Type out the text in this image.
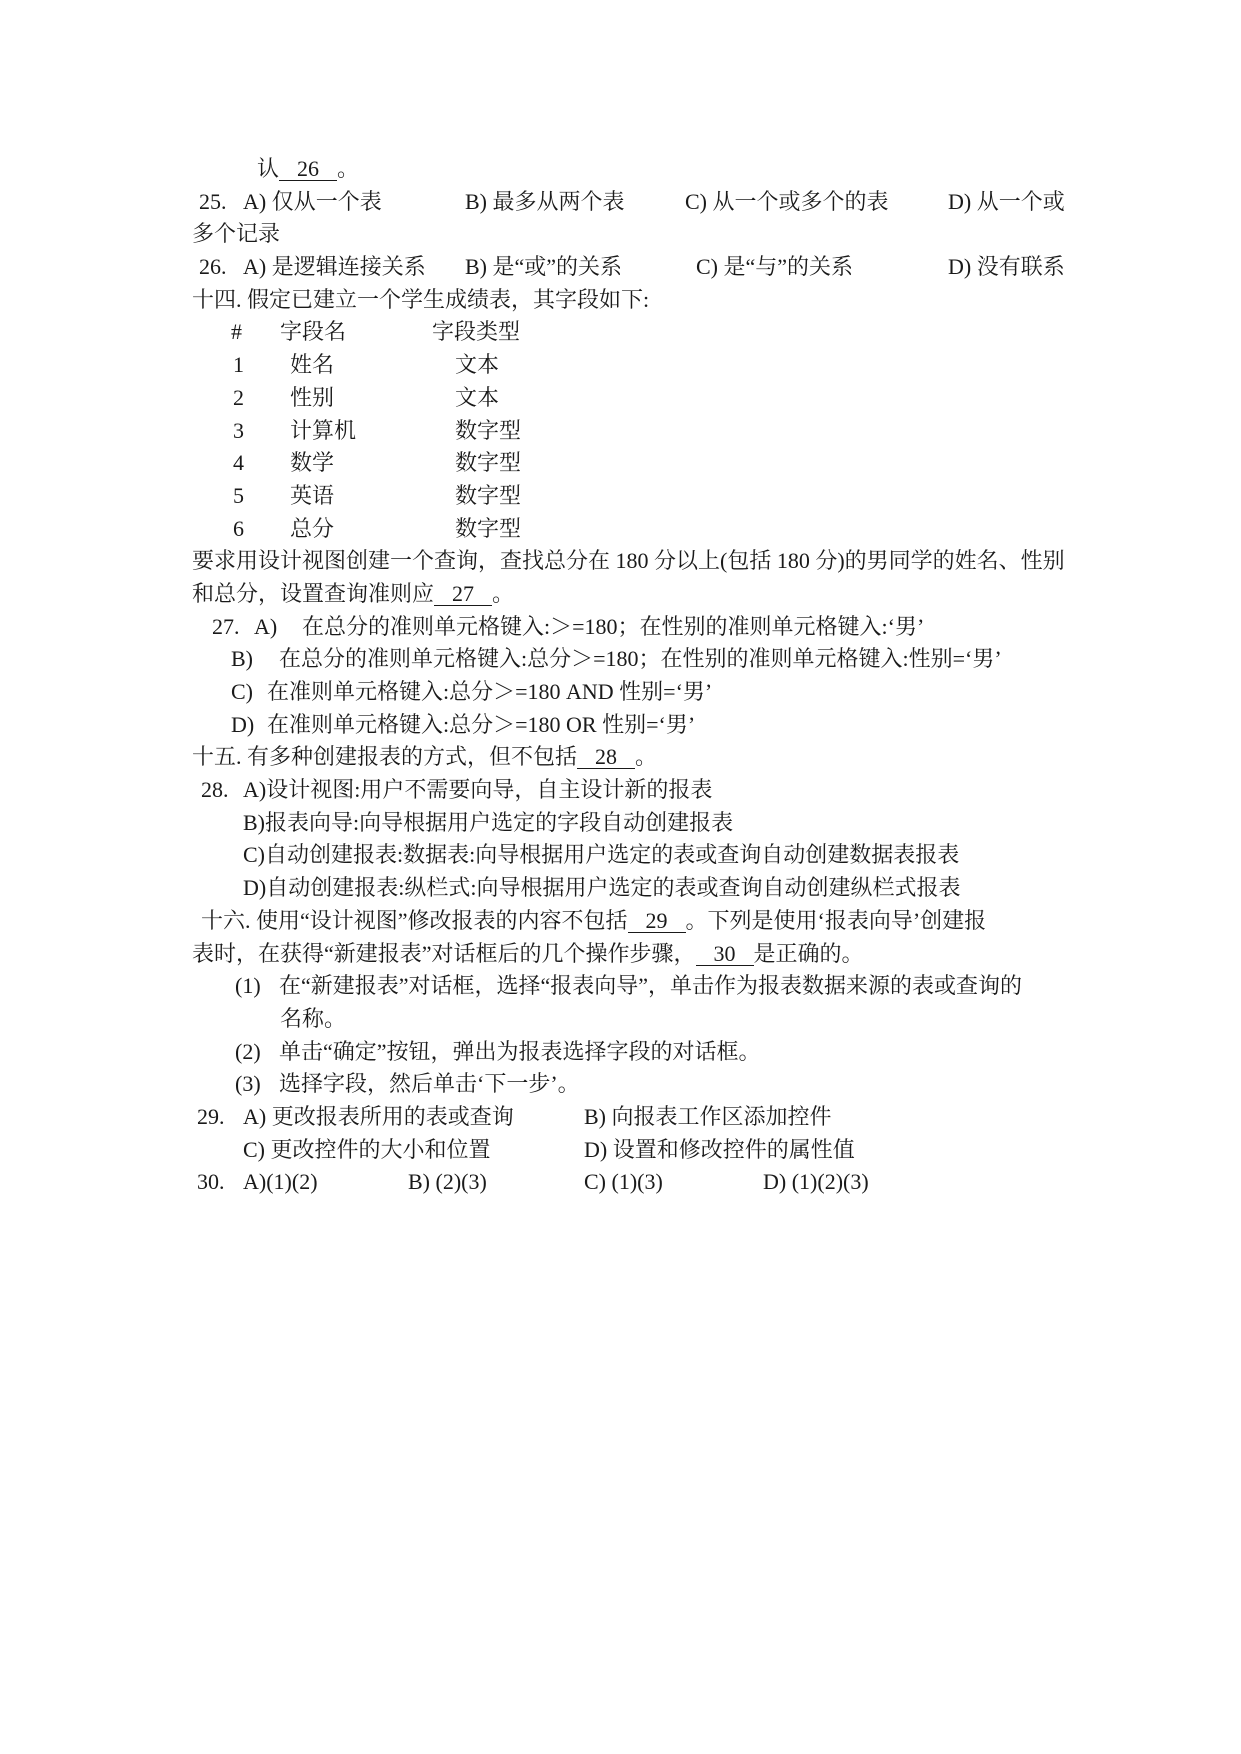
认 26 。
25. A) 仅从一个表	B) 最多从两个表	C) 从一个或多个的表	D) 从一个或
多个记录
26. A) 是逻辑连接关系 B) 是“或”的关系	C) 是“与”的关系	D) 没有联系
十四. 假定已建立一个学生成绩表，其字段如下:
# 字段名	字段类型
1 姓名	文本
2 性别	文本
3 计算机	数字型
4 数学	数字型
5 英语	数字型
6 总分	数字型
要求用设计视图创建一个查询，查找总分在 180 分以上(包括 180 分)的男同学的姓名、性别
和总分，设置查询准则应 27 。
27. A) 在总分的准则单元格键入:＞=180；在性别的准则单元格键入:‘男’
B) 在总分的准则单元格键入:总分＞=180；在性别的准则单元格键入:性别=‘男’
C) 在准则单元格键入:总分＞=180 AND 性别=‘男’
D) 在准则单元格键入:总分＞=180 OR 性别=‘男’
十五. 有多种创建报表的方式，但不包括 28 。
28. A)设计视图:用户不需要向导，自主设计新的报表
B)报表向导:向导根据用户选定的字段自动创建报表
C)自动创建报表:数据表:向导根据用户选定的表或查询自动创建数据表报表
D)自动创建报表:纵栏式:向导根据用户选定的表或查询自动创建纵栏式报表
十六. 使用“设计视图”修改报表的内容不包括 29 。下列是使用‘报表向导’创建报
表时，在获得“新建报表”对话框后的几个操作步骤， 30 是正确的。
(1) 在“新建报表”对话框，选择“报表向导”，单击作为报表数据来源的表或查询的
名称。
(2) 单击“确定”按钮，弹出为报表选择字段的对话框。
(3) 选择字段，然后单击‘下一步’。
29. A) 更改报表所用的表或查询	B) 向报表工作区添加控件
C) 更改控件的大小和位置	D) 设置和修改控件的属性值
30. A)(1)(2)	B) (2)(3)	C) (1)(3)	D) (1)(2)(3)
